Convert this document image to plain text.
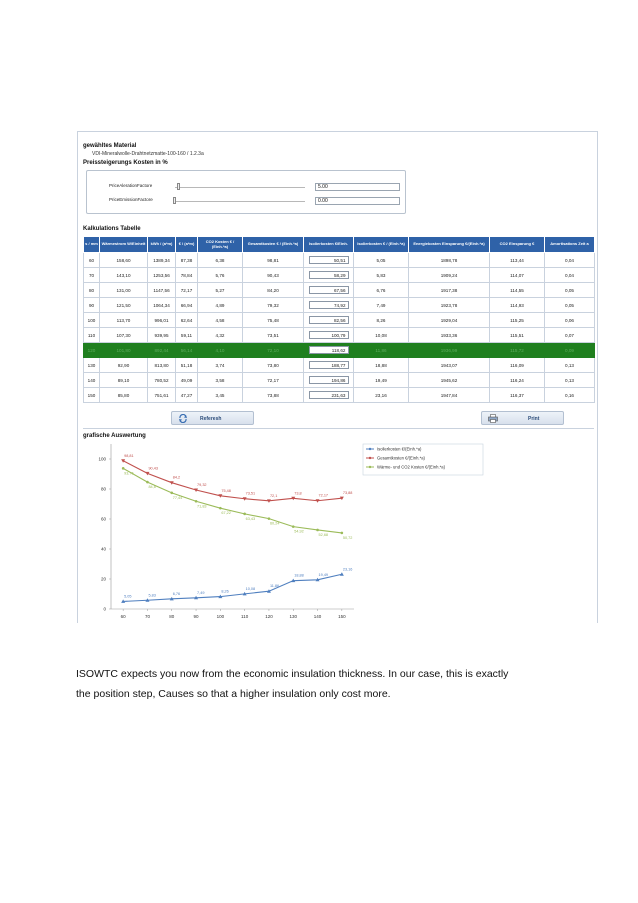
gewähltes Material
VDI-Mineralwolle-Drahtnetzmatte-100-160 / 1.2.3a
Preissteigerungs Kosten in %
PriceAlerationFactore	5.00
PriceEmissionFactore	0.00
Kalkulations Tabelle
s / mm	Wärmestrom W/Einheit	kWh / (a*m)	€ / (a*m)	CO2 Kosten € / (Einh.*a)	Gesamtkosten € / (Einh.*a)	Isolierkosten €/Einh.	Isolierkosten € / (Einh.*a)	Energiekosten Einsparung €/(Einh.*a)	CO2 Einsparung €	Amortisations Zeit a
60	158,60	1389,34	87,38	6,38	98,81	50,51	5,05	1898,78	113,44	0,04
70	143,10	1253,56	78,84	5,76	90,43	58,29	5,83	1909,24	114,07	0,04
80	131,00	1147,56	72,17	5,27	84,20	67,56	6,76	1917,38	114,55	0,05
90	121,50	1064,34	66,94	4,89	79,32	74,92	7,49	1923,78	114,93	0,05
100	113,70	996,01	62,64	4,58	75,48	82,56	8,26	1929,04	115,25	0,06
110	107,30	939,95	59,11	4,32	73,51	100,79	10,08	1933,36	115,51	0,07
120	101,80	892,44	56,14	4,10	72,10	118,62	11,86	1936,99	115,72	0,09
130	92,90	813,80	51,18	3,74	73,80	188,77	18,88	1943,07	116,09	0,13
140	89,10	780,52	49,09	3,58	72,17	194,86	19,49	1945,62	116,24	0,13
150	85,80	751,61	47,27	3,45	73,88	231,63	23,16	1947,84	116,37	0,16
Referesh	Print
grafische Auswertung
0
20
40
60
80
100
60	70	80	90	100	110	120	130	140	150
5,05	5,83	6,76	7,49	8,26
10,08
11,86
18,88	19,49
23,16
98,81
90,43
84,2
79,32
75,48
73,51
72,1
73,8
72,17
73,88
93,76
84,6
77,44
71,83
67,22
63,43
60,24
54,92
52,68
50,72
Isolierkosten €/(Einh.*a)
Gesamtkosten €/(Einh.*a)
Wärme- und CO2 Kosten €/(Einh.*a)
ISOWTC expects you now from the economic insulation thickness. In our case, this is exactly
the position step, Causes so that a higher insulation only cost more.
